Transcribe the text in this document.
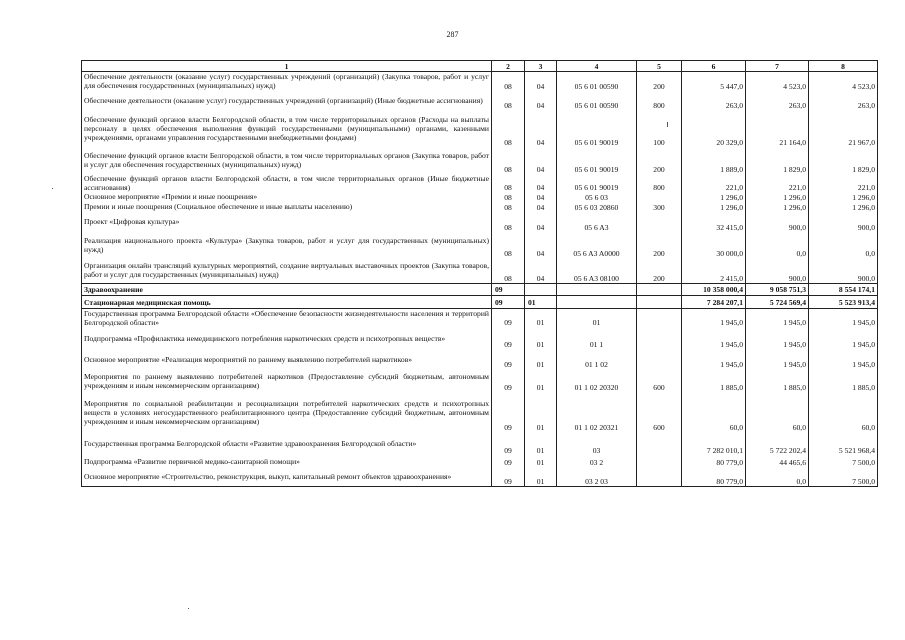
287
1	2	3	4	5	6	7	8
Обеспечение деятельности (оказание услуг) государственных учреждений (организаций) (Закупка товаров, работ и услуг для обеспечения государственных (муниципальных) нужд)	08	04	05 6 01 00590	200	5 447,0	4 523,0	4 523,0
Обеспечение деятельности (оказание услуг) государственных учреждений (организаций) (Иные бюджетные ассигнования)	08	04	05 6 01 00590	800	263,0	263,0	263,0
Обеспечение функций органов власти Белгородской области, в том числе территориальных органов (Расходы на выплаты персоналу в целях обеспечения выполнения функций государственными (муниципальными) органами, казенными учреждениями, органами управления государственными внебюджетными фондами)	08	04	05 6 01 90019	100	20 329,0	21 164,0	21 967,0
Обеспечение функций органов власти Белгородской области, в том числе территориальных органов (Закупка товаров, работ и услуг для обеспечения государственных (муниципальных) нужд)	08	04	05 6 01 90019	200	1 889,0	1 829,0	1 829,0
Обеспечение функций органов власти Белгородской области, в том числе территориальных органов (Иные бюджетные ассигнования)	08	04	05 6 01 90019	800	221,0	221,0	221,0
Основное мероприятие «Премии и иные поощрения»	08	04	05 6 03		1 296,0	1 296,0	1 296,0
Премии и иные поощрения (Социальное обеспечение и иные выплаты населению)	08	04	05 6 03 20860	300	1 296,0	1 296,0	1 296,0
Проект «Цифровая культура»	08	04	05 6 A3		32 415,0	900,0	900,0
Реализация национального проекта «Культура» (Закупка товаров, работ и услуг для государственных (муниципальных) нужд)	08	04	05 6 A3 A0000	200	30 000,0	0,0	0,0
Организация онлайн трансляций культурных мероприятий, создание виртуальных выставочных проектов (Закупка товаров, работ и услуг для государственных (муниципальных) нужд)	08	04	05 6 A3 08100	200	2 415,0	900,0	900,0
Здравоохранение	09				10 358 000,4	9 058 751,3	8 554 174,1
Стационарная медицинская помощь	09	01			7 284 207,1	5 724 569,4	5 523 913,4
Государственная программа Белгородской области «Обеспечение безопасности жизнедеятельности населения и территорий Белгородской области»	09	01	01		1 945,0	1 945,0	1 945,0
Подпрограмма «Профилактика немедицинского потребления наркотических средств и психотропных веществ»	09	01	01 1		1 945,0	1 945,0	1 945,0
Основное мероприятие «Реализация мероприятий по раннему выявлению потребителей наркотиков»	09	01	01 1 02		1 945,0	1 945,0	1 945,0
Мероприятия по раннему выявлению потребителей наркотиков (Предоставление субсидий бюджетным, автономным учреждениям и иным некоммерческим организациям)	09	01	01 1 02 20320	600	1 885,0	1 885,0	1 885,0
Мероприятия по социальной реабилитации и ресоциализации потребителей наркотических средств и психотропных веществ в условиях негосударственного реабилитационного центра (Предоставление субсидий бюджетным, автономным учреждениям и иным некоммерческим организациям)	09	01	01 1 02 20321	600	60,0	60,0	60,0
Государственная программа Белгородской области «Развитие здравоохранения Белгородской области»	09	01	03		7 282 010,1	5 722 202,4	5 521 968,4
Подпрограмма «Развитие первичной медико-санитарной помощи»	09	01	03 2		80 779,0	44 465,6	7 500,0
Основное мероприятие «Строительство, реконструкция, выкуп, капитальный ремонт объектов здравоохранения»	09	01	03 2 03		80 779,0	0,0	7 500,0
